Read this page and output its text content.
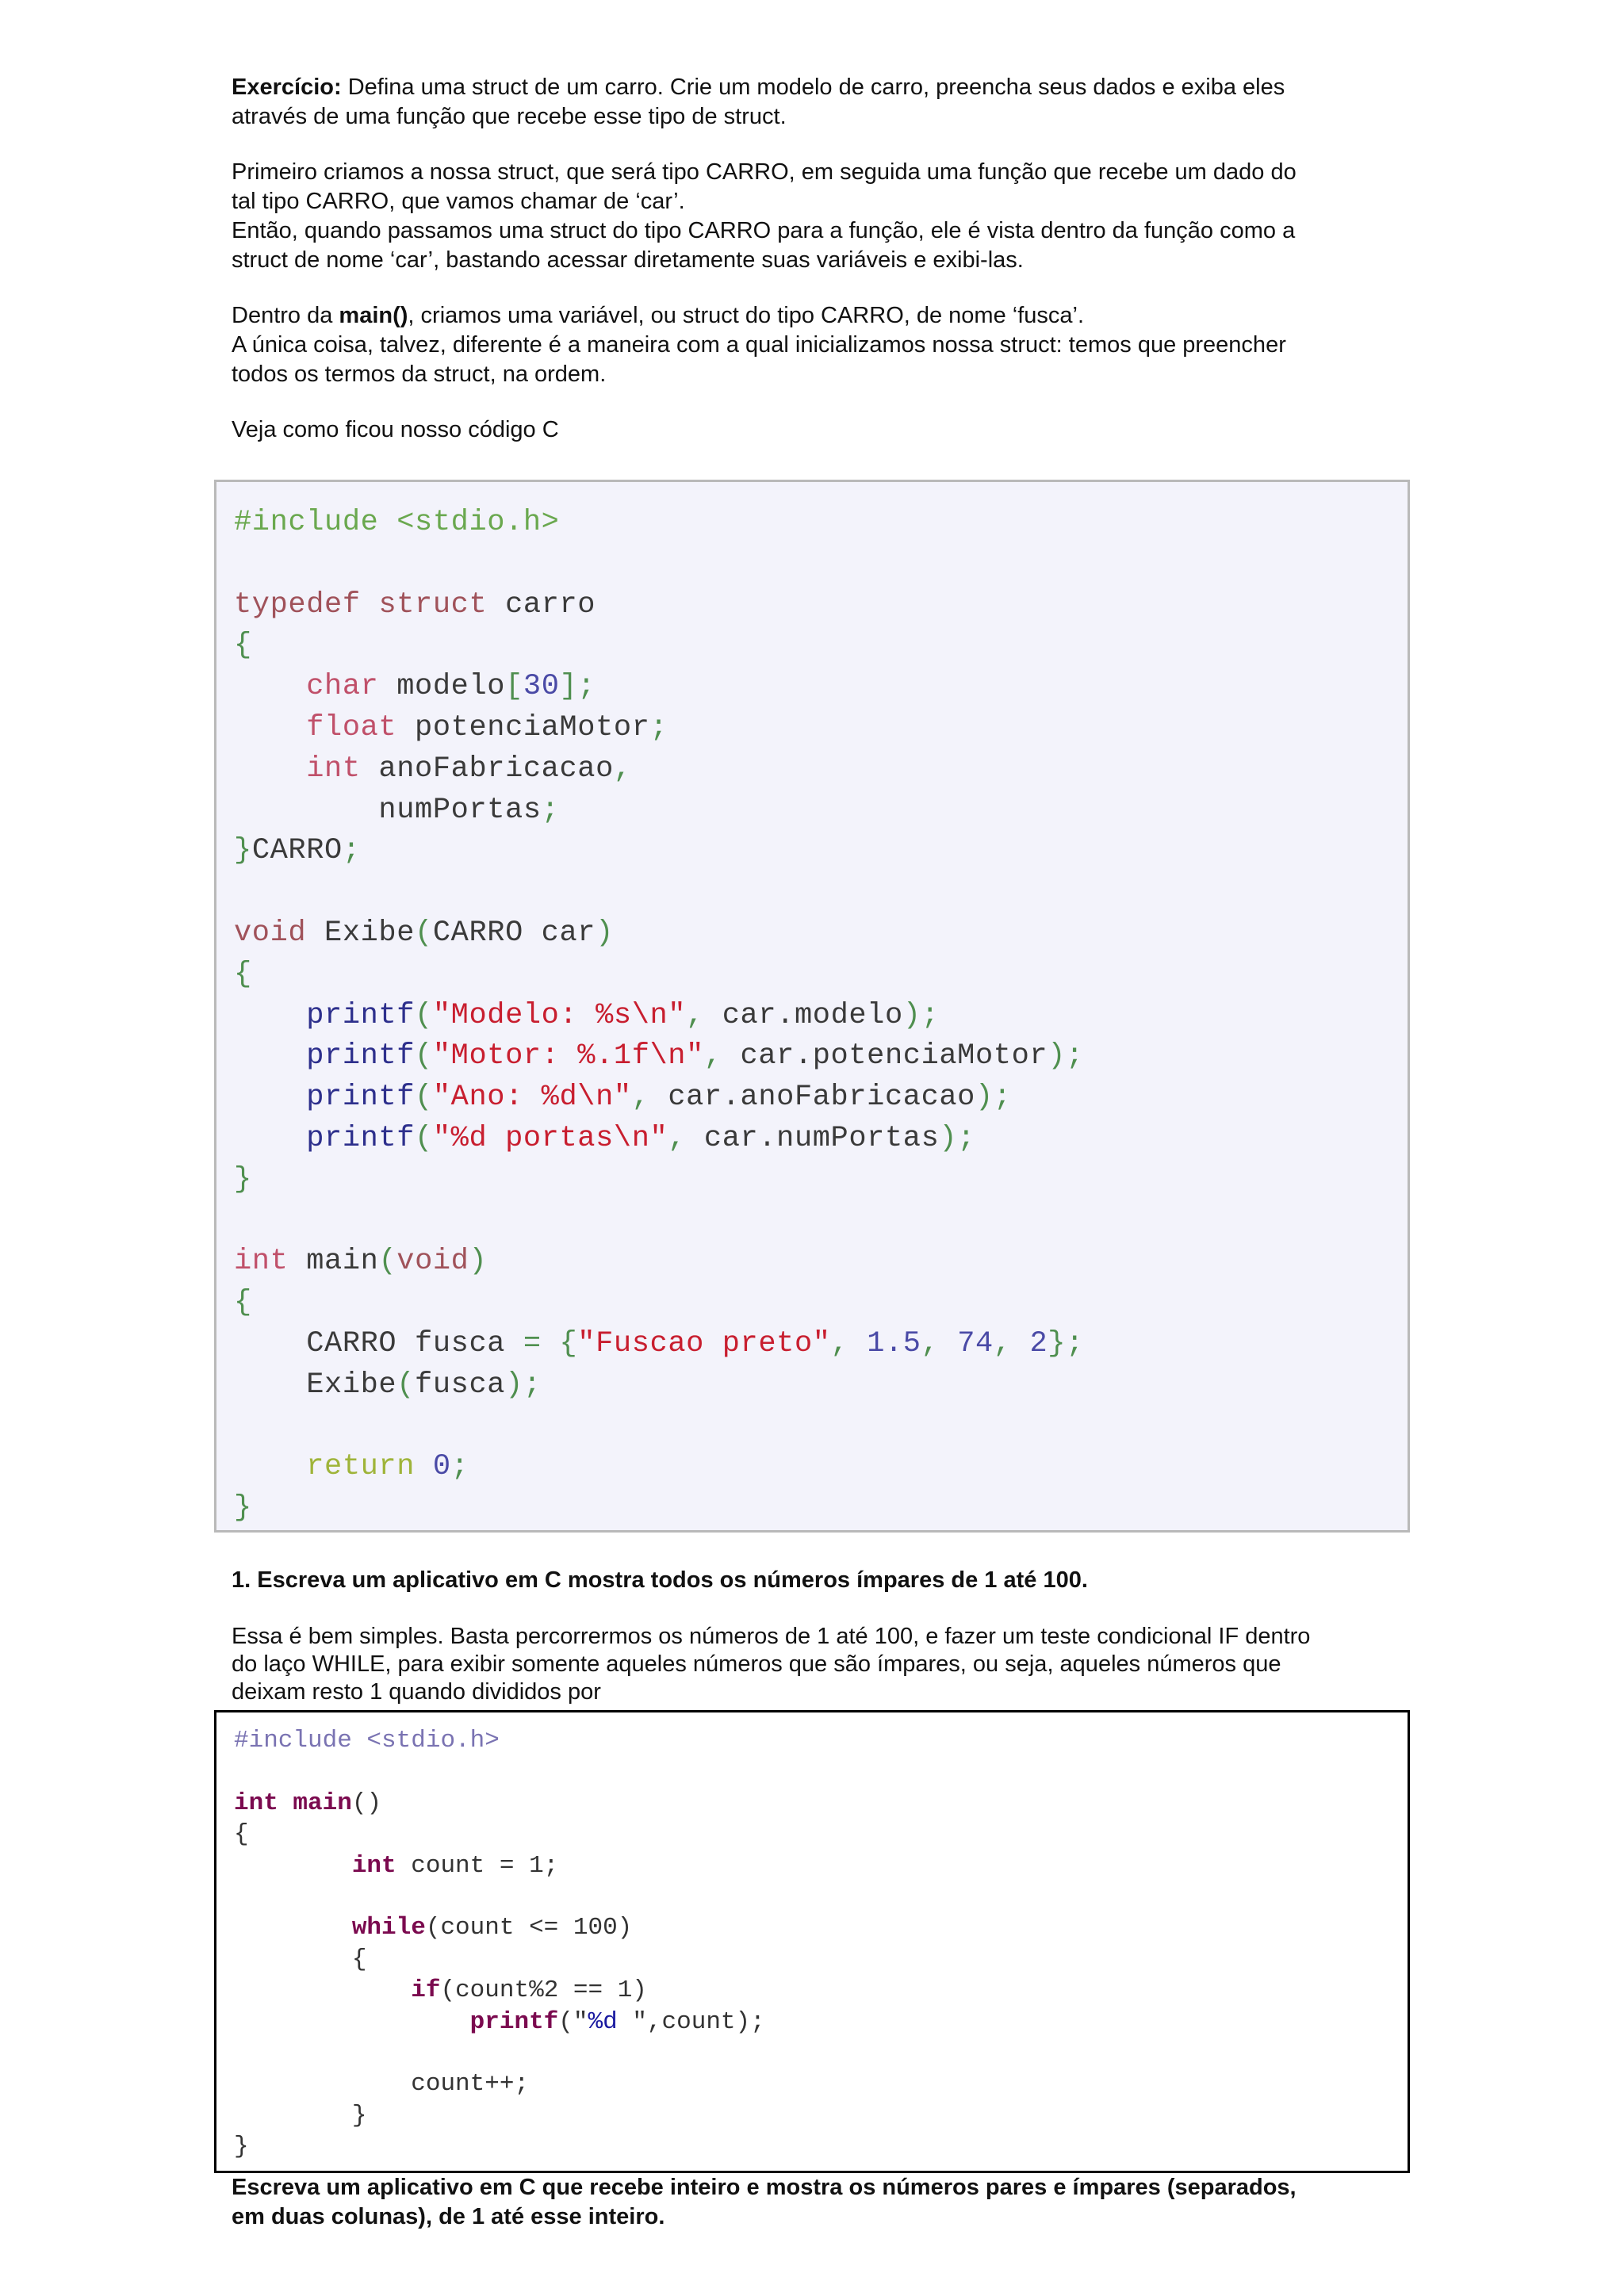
Exercício: Defina uma struct de um carro. Crie um modelo de carro, preencha seus dados e exiba eles
através de uma função que recebe esse tipo de struct.

Primeiro criamos a nossa struct, que será tipo CARRO, em seguida uma função que recebe um dado do
tal tipo CARRO, que vamos chamar de ‘car’.
Então, quando passamos uma struct do tipo CARRO para a função, ele é vista dentro da função como a
struct de nome ‘car’, bastando acessar diretamente suas variáveis e exibi-las.

Dentro da main(), criamos uma variável, ou struct do tipo CARRO, de nome ‘fusca’.
A única coisa, talvez, diferente é a maneira com a qual inicializamos nossa struct: temos que preencher
todos os termos da struct, na ordem.

Veja como ficou nosso código C

#include <stdio.h>
typedef struct carro
{
char modelo[30];
float potenciaMotor;
int anoFabricacao,
numPortas;
}CARRO;
void Exibe(CARRO car)
{
printf("Modelo: %s\n", car.modelo);
printf("Motor: %.1f\n", car.potenciaMotor);
printf("Ano: %d\n", car.anoFabricacao);
printf("%d portas\n", car.numPortas);
}
int main(void)
{
CARRO fusca = {"Fuscao preto", 1.5, 74, 2};
Exibe(fusca);
return 0;
}
1. Escreva um aplicativo em C mostra todos os números ímpares de 1 até 100.
Essa é bem simples. Basta percorrermos os números de 1 até 100, e fazer um teste condicional IF dentro
do laço WHILE, para exibir somente aqueles números que são ímpares, ou seja, aqueles números que
deixam resto 1 quando divididos por
#include <stdio.h>
int main()
{
int count = 1;
while(count <= 100)
{
if(count%2 == 1)
printf("%d ",count);
count++;
}
}
Escreva um aplicativo em C que recebe inteiro e mostra os números pares e ímpares (separados,
em duas colunas), de 1 até esse inteiro.
